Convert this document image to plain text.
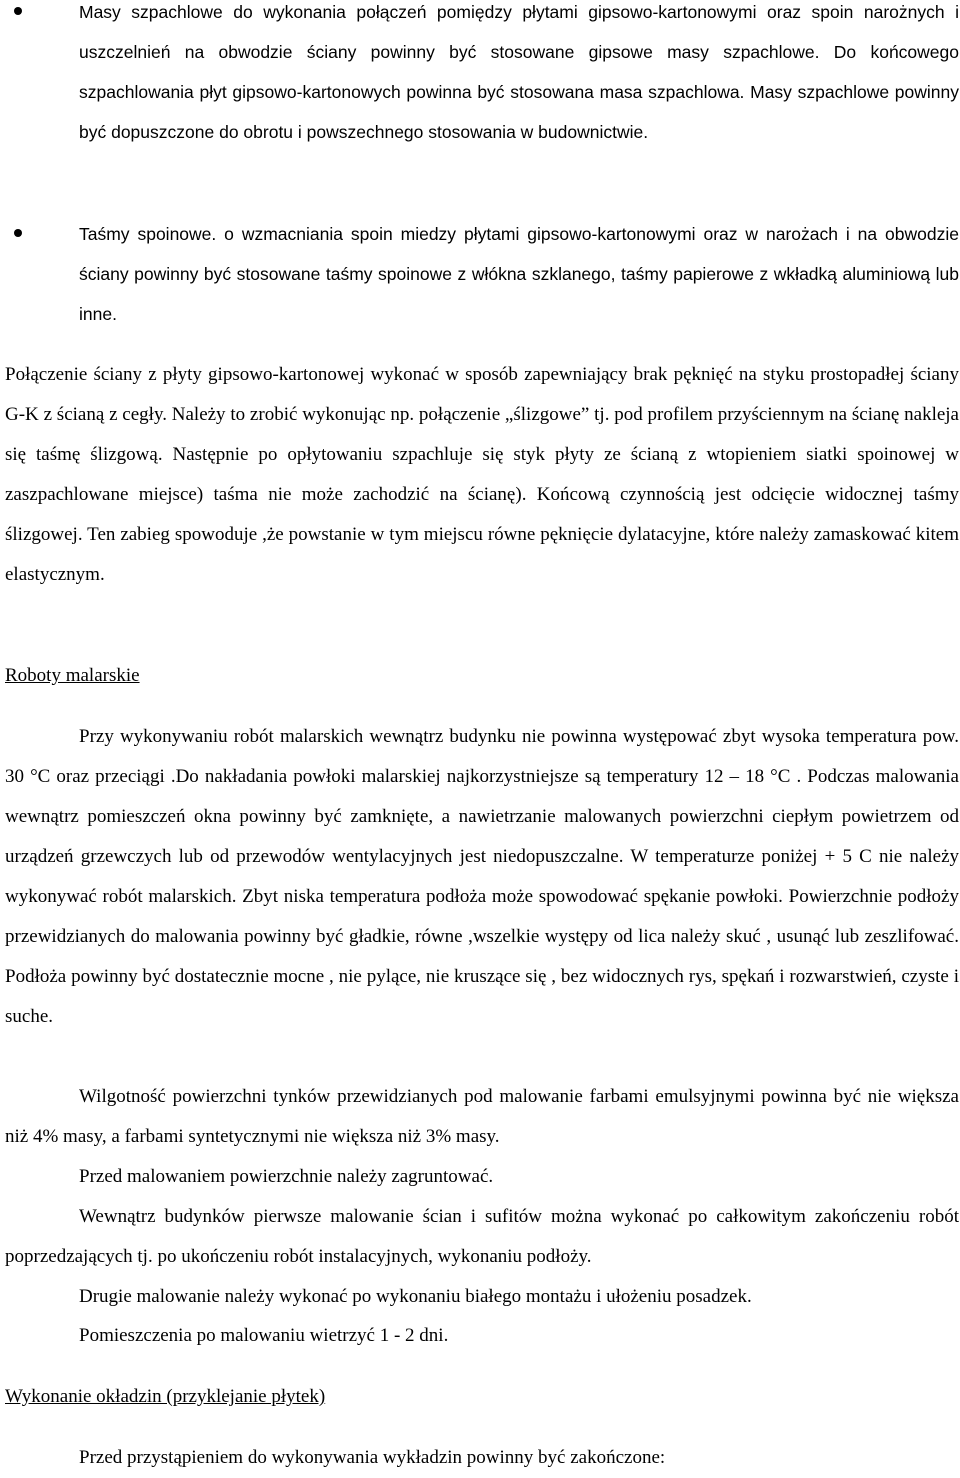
Masy szpachlowe do wykonania połączeń pomiędzy płytami gipsowo-kartonowymi oraz spoin narożnych i uszczelnień na obwodzie ściany powinny być stosowane gipsowe masy szpachlowe. Do końcowego szpachlowania płyt gipsowo-kartonowych powinna być stosowana masa szpachlowa. Masy szpachlowe powinny być dopuszczone do obrotu i powszechnego stosowania w budownictwie.

Taśmy spoinowe. o wzmacniania spoin miedzy płytami gipsowo-kartonowymi oraz w narożach i na obwodzie ściany powinny być stosowane taśmy spoinowe z włókna szklanego, taśmy papierowe z wkładką aluminiową lub inne.

Połączenie ściany z płyty gipsowo-kartonowej wykonać w sposób zapewniający brak pęknięć na styku prostopadłej ściany G-K z ścianą z cegły. Należy to zrobić wykonując np. połączenie „ślizgowe” tj. pod profilem przyściennym na ścianę nakleja się taśmę ślizgową. Następnie po opłytowaniu szpachluje się styk płyty ze ścianą z wtopieniem siatki spoinowej w zaszpachlowane miejsce) taśma nie może zachodzić na ścianę). Końcową czynnością jest odcięcie widocznej taśmy ślizgowej. Ten zabieg spowoduje ,że powstanie w tym miejscu równe pęknięcie dylatacyjne, które należy zamaskować kitem elastycznym.

Roboty malarskie

Przy wykonywaniu robót malarskich wewnątrz budynku nie powinna występować zbyt wysoka temperatura pow. 30 °C oraz przeciągi .Do nakładania powłoki malarskiej najkorzystniejsze są temperatury 12 – 18 °C . Podczas malowania wewnątrz pomieszczeń okna powinny być zamknięte, a nawietrzanie malowanych powierzchni ciepłym powietrzem od urządzeń grzewczych lub od przewodów wentylacyjnych jest niedopuszczalne. W temperaturze poniżej + 5 C nie należy wykonywać robót malarskich. Zbyt niska temperatura podłoża może spowodować spękanie powłoki. Powierzchnie podłoży przewidzianych do malowania powinny być gładkie, równe ,wszelkie występy od lica należy skuć , usunąć lub zeszlifować. Podłoża powinny być dostatecznie mocne , nie pylące, nie kruszące się , bez widocznych rys, spękań i rozwarstwień, czyste i suche.

Wilgotność powierzchni tynków przewidzianych pod malowanie farbami emulsyjnymi powinna być nie większa niż 4% masy, a farbami syntetycznymi nie większa niż 3% masy.

Przed malowaniem powierzchnie należy zagruntować.

Wewnątrz budynków pierwsze malowanie ścian i sufitów można wykonać po całkowitym zakończeniu robót poprzedzających tj. po ukończeniu robót instalacyjnych, wykonaniu podłoży.

Drugie malowanie należy wykonać po wykonaniu białego montażu i ułożeniu posadzek.

Pomieszczenia po malowaniu wietrzyć 1 - 2 dni.

Wykonanie okładzin (przyklejanie płytek)

Przed przystąpieniem do wykonywania wykładzin powinny być zakończone:
